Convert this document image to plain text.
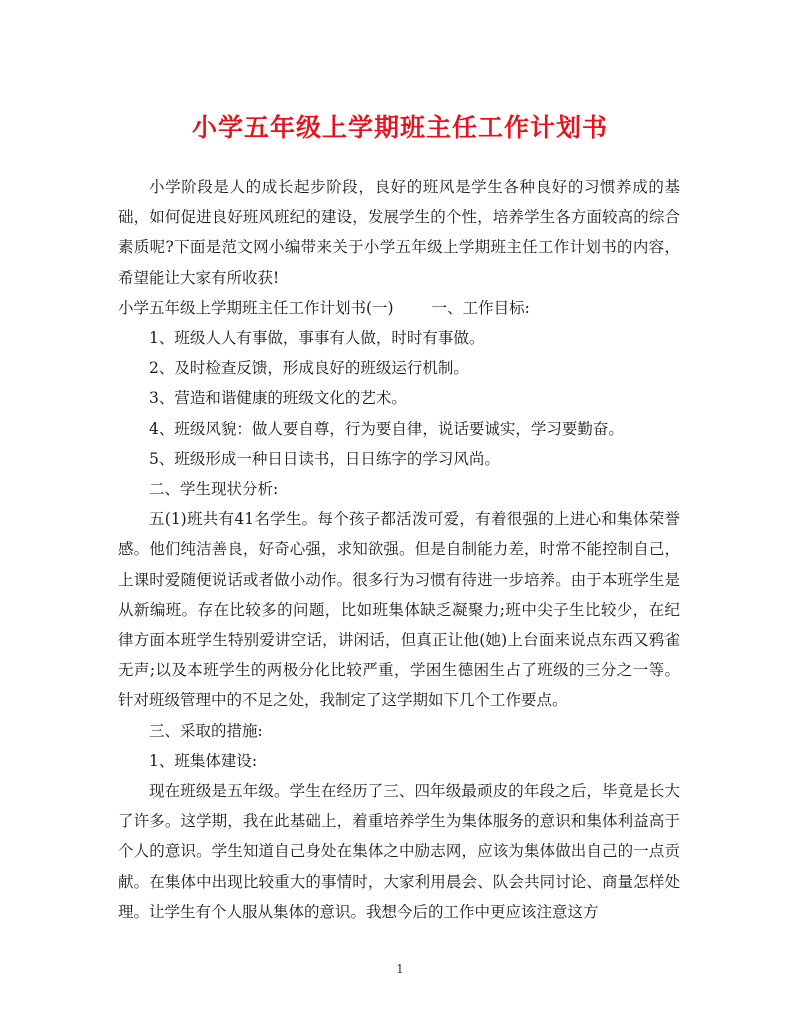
小学五年级上学期班主任工作计划书

小学阶段是人的成长起步阶段，良好的班风是学生各种良好的习惯养成的基础，如何促进良好班风班纪的建设，发展学生的个性，培养学生各方面较高的综合素质呢?下面是范文网小编带来关于小学五年级上学期班主任工作计划书的内容，希望能让大家有所收获!

小学五年级上学期班主任工作计划书(一) 一、工作目标:

1、班级人人有事做，事事有人做，时时有事做。

2、及时检查反馈，形成良好的班级运行机制。

3、营造和谐健康的班级文化的艺术。

4、班级风貌：做人要自尊，行为要自律，说话要诚实，学习要勤奋。

5、班级形成一种日日读书，日日练字的学习风尚。

二、学生现状分析:

五(1)班共有41名学生。每个孩子都活泼可爱，有着很强的上进心和集体荣誉感。他们纯洁善良，好奇心强，求知欲强。但是自制能力差，时常不能控制自己，上课时爱随便说话或者做小动作。很多行为习惯有待进一步培养。由于本班学生是从新编班。存在比较多的问题，比如班集体缺乏凝聚力;班中尖子生比较少，在纪律方面本班学生特别爱讲空话，讲闲话，但真正让他(她)上台面来说点东西又鸦雀无声;以及本班学生的两极分化比较严重，学困生德困生占了班级的三分之一等。针对班级管理中的不足之处，我制定了这学期如下几个工作要点。

三、采取的措施:

1、班集体建设:

现在班级是五年级。学生在经历了三、四年级最顽皮的年段之后，毕竟是长大了许多。这学期，我在此基础上，着重培养学生为集体服务的意识和集体利益高于个人的意识。学生知道自己身处在集体之中励志网，应该为集体做出自己的一点贡献。在集体中出现比较重大的事情时，大家利用晨会、队会共同讨论、商量怎样处理。让学生有个人服从集体的意识。我想今后的工作中更应该注意这方

1
